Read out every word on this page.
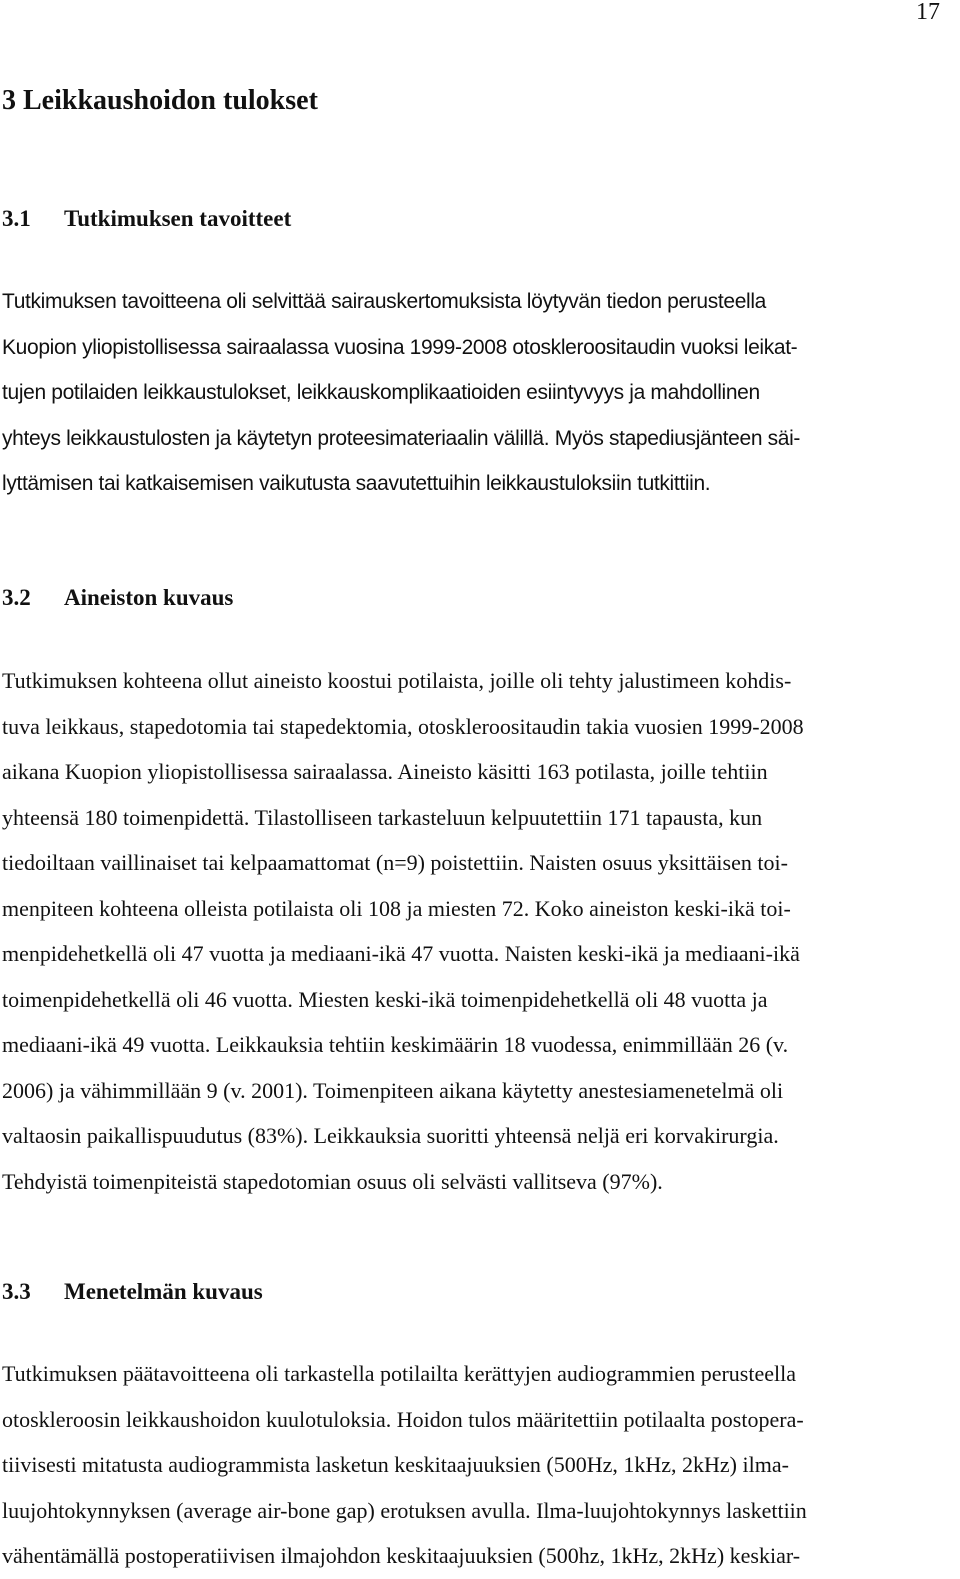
17
3 Leikkaushoidon tulokset
3.1 Tutkimuksen tavoitteet
Tutkimuksen tavoitteena oli selvittää sairauskertomuksista löytyvän tiedon perusteella
Kuopion yliopistollisessa sairaalassa vuosina 1999-2008 otoskleroositaudin vuoksi leikat-
tujen potilaiden leikkaustulokset, leikkauskomplikaatioiden esiintyvyys ja mahdollinen
yhteys leikkaustulosten ja käytetyn proteesimateriaalin välillä. Myös stapediusjänteen säi-
lyttämisen tai katkaisemisen vaikutusta saavutettuihin leikkaustuloksiin tutkittiin.
3.2 Aineiston kuvaus
Tutkimuksen kohteena ollut aineisto koostui potilaista, joille oli tehty jalustimeen kohdis-
tuva leikkaus, stapedotomia tai stapedektomia, otoskleroositaudin takia vuosien 1999-2008
aikana Kuopion yliopistollisessa sairaalassa. Aineisto käsitti 163 potilasta, joille tehtiin
yhteensä 180 toimenpidettä. Tilastolliseen tarkasteluun kelpuutettiin 171 tapausta, kun
tiedoiltaan vaillinaiset tai kelpaamattomat (n=9) poistettiin. Naisten osuus yksittäisen toi-
menpiteen kohteena olleista potilaista oli 108 ja miesten 72. Koko aineiston keski-ikä toi-
menpidehetkellä oli 47 vuotta ja mediaani-ikä 47 vuotta. Naisten keski-ikä ja mediaani-ikä
toimenpidehetkellä oli 46 vuotta. Miesten keski-ikä toimenpidehetkellä oli 48 vuotta ja
mediaani-ikä 49 vuotta. Leikkauksia tehtiin keskimäärin 18 vuodessa, enimmillään 26 (v.
2006) ja vähimmillään 9 (v. 2001). Toimenpiteen aikana käytetty anestesiamenetelmä oli
valtaosin paikallispuudutus (83%). Leikkauksia suoritti yhteensä neljä eri korvakirurgia.
Tehdyistä toimenpiteistä stapedotomian osuus oli selvästi vallitseva (97%).
3.3 Menetelmän kuvaus
Tutkimuksen päätavoitteena oli tarkastella potilailta kerättyjen audiogrammien perusteella
otoskleroosin leikkaushoidon kuulotuloksia. Hoidon tulos määritettiin potilaalta postopera-
tiivisesti mitatusta audiogrammista lasketun keskitaajuuksien (500Hz, 1kHz, 2kHz) ilma-
luujohtokynnyksen (average air-bone gap) erotuksen avulla. Ilma-luujohtokynnys laskettiin
vähentämällä postoperatiivisen ilmajohdon keskitaajuuksien (500hz, 1kHz, 2kHz) keskiar-
